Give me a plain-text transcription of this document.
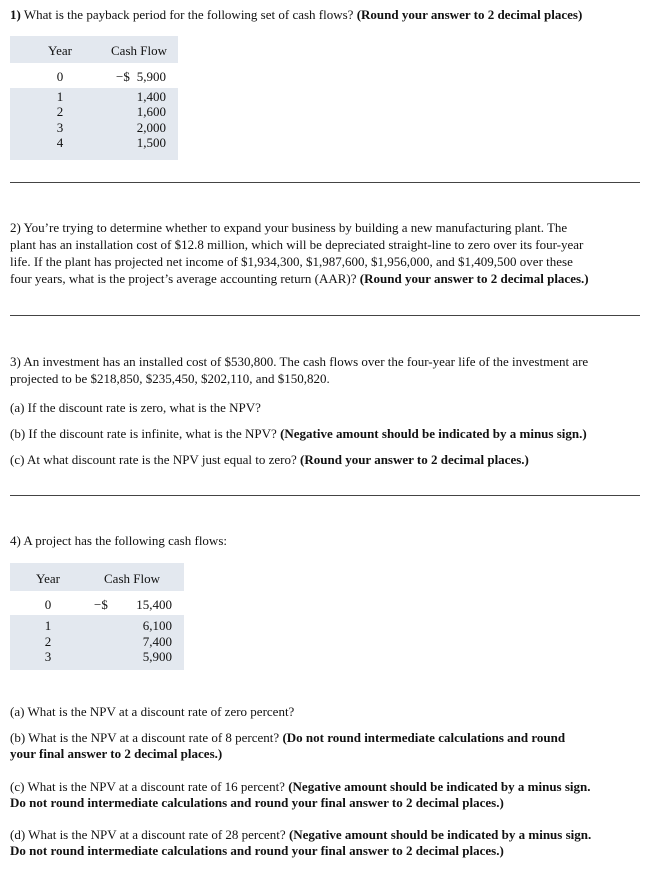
1) What is the payback period for the following set of cash flows? (Round your answer to 2 decimal places)
Year	Cash Flow
0	−$ 5,900
1	1,400
2	1,600
3	2,000
4	1,500
2) You’re trying to determine whether to expand your business by building a new manufacturing plant. The
plant has an installation cost of $12.8 million, which will be depreciated straight-line to zero over its four-year
life. If the plant has projected net income of $1,934,300, $1,987,600, $1,956,000, and $1,409,500 over these
four years, what is the project’s average accounting return (AAR)? (Round your answer to 2 decimal places.)
3) An investment has an installed cost of $530,800. The cash flows over the four-year life of the investment are
projected to be $218,850, $235,450, $202,110, and $150,820.
(a) If the discount rate is zero, what is the NPV?
(b) If the discount rate is infinite, what is the NPV? (Negative amount should be indicated by a minus sign.)
(c) At what discount rate is the NPV just equal to zero? (Round your answer to 2 decimal places.)
4) A project has the following cash flows:
Year	Cash Flow
0	−$	15,400
1	6,100
2	7,400
3	5,900
(a) What is the NPV at a discount rate of zero percent?
(b) What is the NPV at a discount rate of 8 percent? (Do not round intermediate calculations and round
your final answer to 2 decimal places.)
(c) What is the NPV at a discount rate of 16 percent? (Negative amount should be indicated by a minus sign.
Do not round intermediate calculations and round your final answer to 2 decimal places.)
(d) What is the NPV at a discount rate of 28 percent? (Negative amount should be indicated by a minus sign.
Do not round intermediate calculations and round your final answer to 2 decimal places.)
